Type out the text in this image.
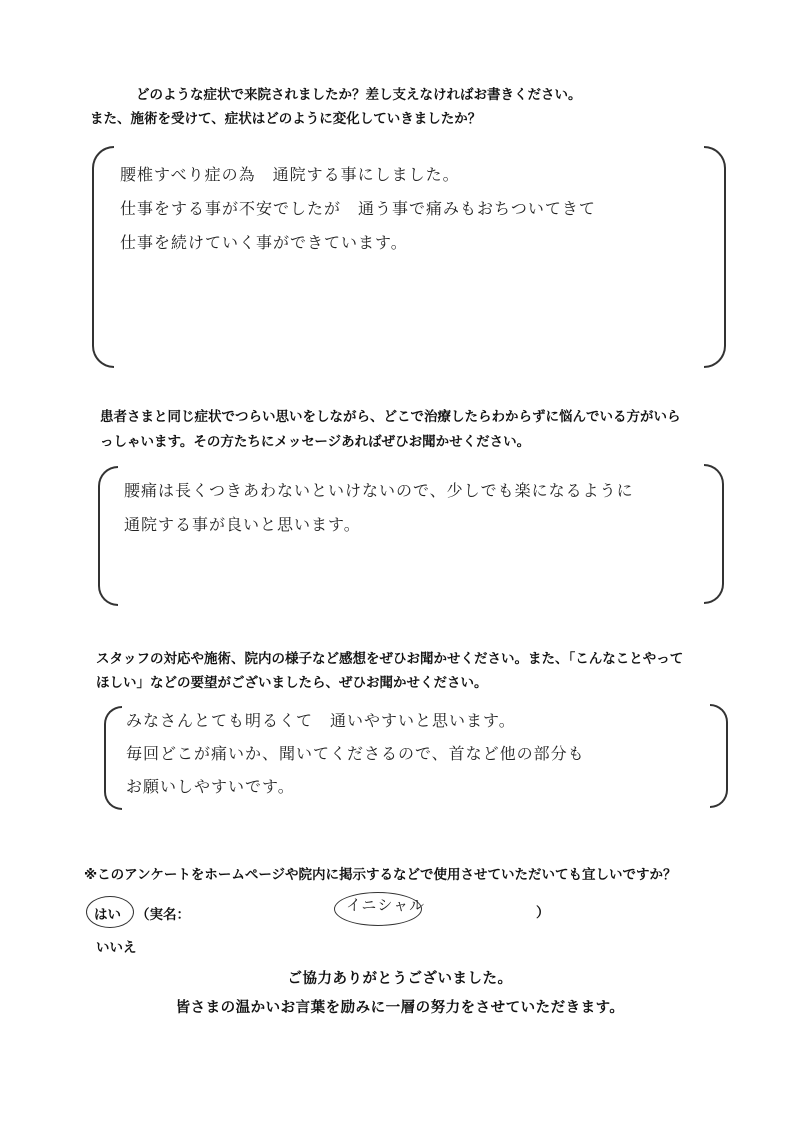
どのような症状で来院されましたか？差し支えなければお書きください。

また、施術を受けて、症状はどのように変化していきましたか？

腰椎すべり症の為　通院する事にしました。
仕事をする事が不安でしたが　通う事で痛みもおちついてきて
仕事を続けていく事ができています。

患者さまと同じ症状でつらい思いをしながら、どこで治療したらわからずに悩んでいる方がいら

っしゃいます。その方たちにメッセージあればぜひお聞かせください。

腰痛は長くつきあわないといけないので、少しでも楽になるように
通院する事が良いと思います。

スタッフの対応や施術、院内の様子など感想をぜひお聞かせください。また、「こんなことやって

ほしい」などの要望がございましたら、ぜひお聞かせください。

みなさんとても明るくて　通いやすいと思います。
毎回どこが痛いか、聞いてくださるので、首など他の部分も
お願いしやすいです。

※このアンケートをホームページや院内に掲示するなどで使用させていただいても宜しいですか？

はい （実名：
イニシャル	）
いいえ
ご協力ありがとうございました。
皆さまの温かいお言葉を励みに一層の努力をさせていただきます。
